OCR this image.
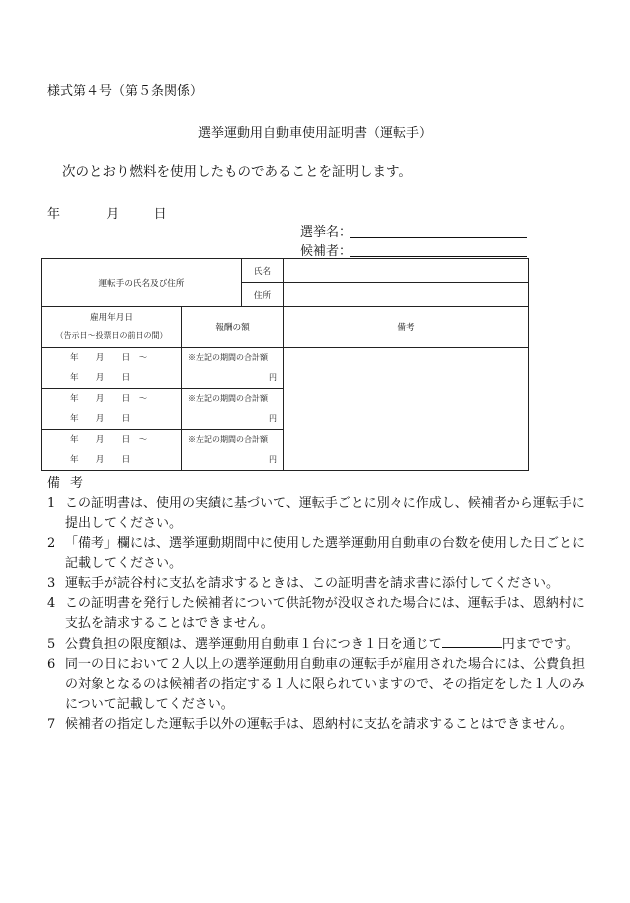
様式第４号（第５条関係）
選挙運動用自動車使用証明書（運転手）
次のとおり燃料を使用したものであることを証明します。
年	月	日
選挙名：
候補者：
運転手の氏名及び住所		氏名	
		住所	

雇用年月日
（告示日～投票日の前日の間）	報酬の額		備考

年　　月　　日　～
年　　月　　日	※左記の期間の合計額
円		

年　　月　　日　～
年　　月　　日	※左記の期間の合計額
円		

年　　月　　日　～
年　　月　　日	※左記の期間の合計額
円		
備考
1 この証明書は、使用の実績に基づいて、運転手ごとに別々に作成し、候補者から運転手に提出してください。
2 「備考」欄には、選挙運動期間中に使用した選挙運動用自動車の台数を使用した日ごとに記載してください。
3 運転手が読谷村に支払を請求するときは、この証明書を請求書に添付してください。
4 この証明書を発行した候補者について供託物が没収された場合には、運転手は、恩納村に支払を請求することはできません。
5 公費負担の限度額は、選挙運動用自動車１台につき１日を通じて	円までです。
6 同一の日において２人以上の選挙運動用自動車の運転手が雇用された場合には、公費負担の対象となるのは候補者の指定する１人に限られていますので、その指定をした１人のみについて記載してください。
7 候補者の指定した運転手以外の運転手は、恩納村に支払を請求することはできません。
